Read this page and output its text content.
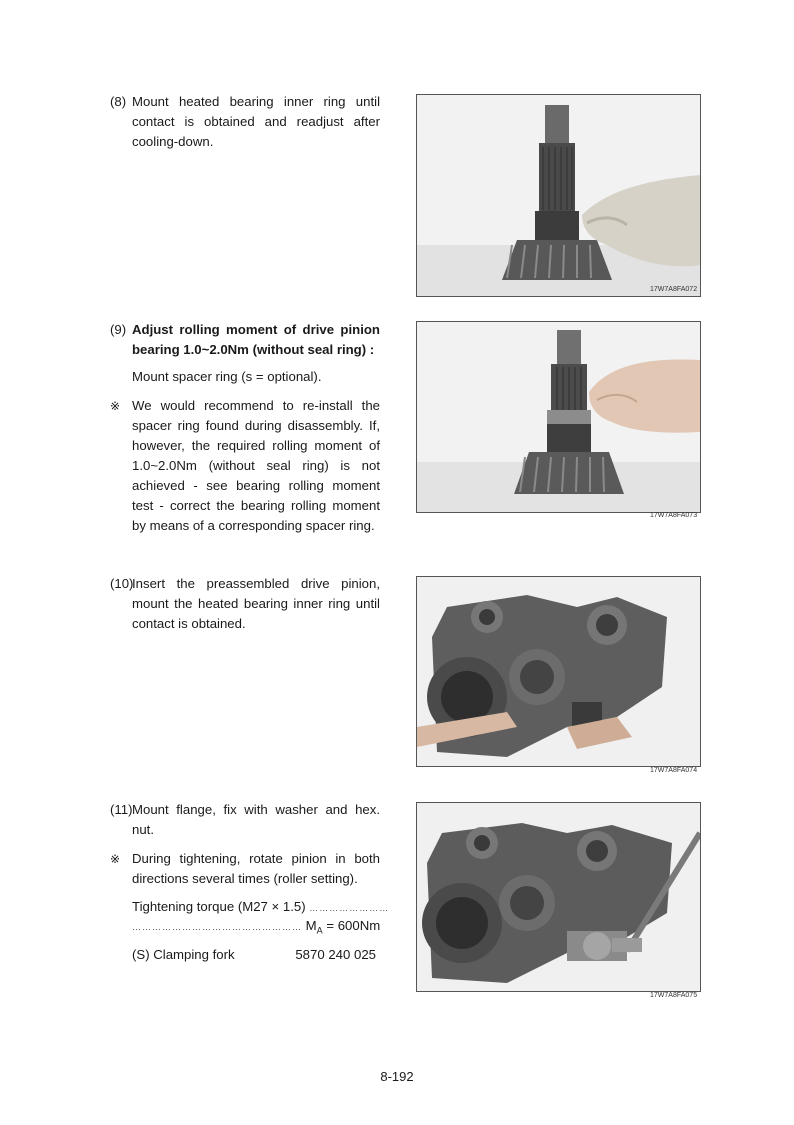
(8) Mount heated bearing inner ring until contact is obtained and readjust after cooling-down.
17W7A8FA072
(9) Adjust rolling moment of drive pinion bearing 1.0~2.0Nm (without seal ring) :
Mount spacer ring (s = optional).
※ We would recommend to re-install the spacer ring found during disassembly. If, however, the required rolling moment of 1.0~2.0Nm (without seal ring) is not achieved - see bearing rolling moment test - correct the bearing rolling moment by means of a corresponding spacer ring.
17W7A8FA073
(10)
Insert the preassembled drive pinion, mount the heated bearing inner ring until contact is obtained.
17W7A8FA074
(11) Mount flange, fix with washer and hex. nut.
※ During tightening, rotate pinion in both directions several times (roller setting).
Tightening torque (M27 × 1.5) ……………………
…………………………………………… $M_A = 600Nm$
(S) Clamping fork	5870 240 025
17W7A8FA075
8-192
